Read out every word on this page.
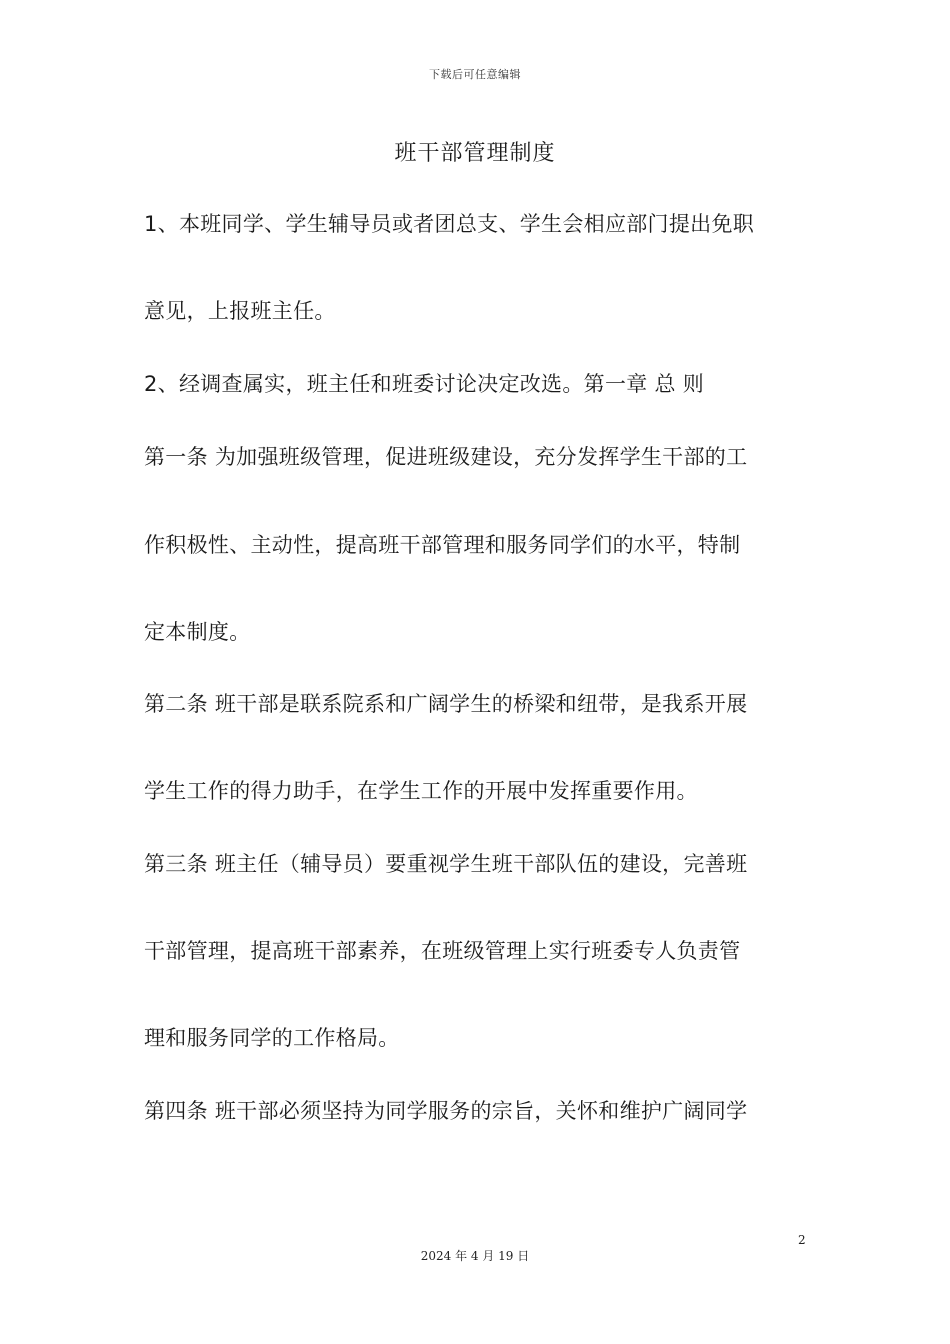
下载后可任意编辑
班干部管理制度
1、本班同学、学生辅导员或者团总支、学生会相应部门提出免职
意见，上报班主任。
2、经调查属实，班主任和班委讨论决定改选。第一章 总 则
第一条 为加强班级管理，促进班级建设，充分发挥学生干部的工
作积极性、主动性，提高班干部管理和服务同学们的水平，特制
定本制度。
第二条 班干部是联系院系和广阔学生的桥梁和纽带，是我系开展
学生工作的得力助手，在学生工作的开展中发挥重要作用。
第三条 班主任（辅导员）要重视学生班干部队伍的建设，完善班
干部管理，提高班干部素养，在班级管理上实行班委专人负责管
理和服务同学的工作格局。
第四条 班干部必须坚持为同学服务的宗旨，关怀和维护广阔同学
2
2024 年 4 月 19 日
